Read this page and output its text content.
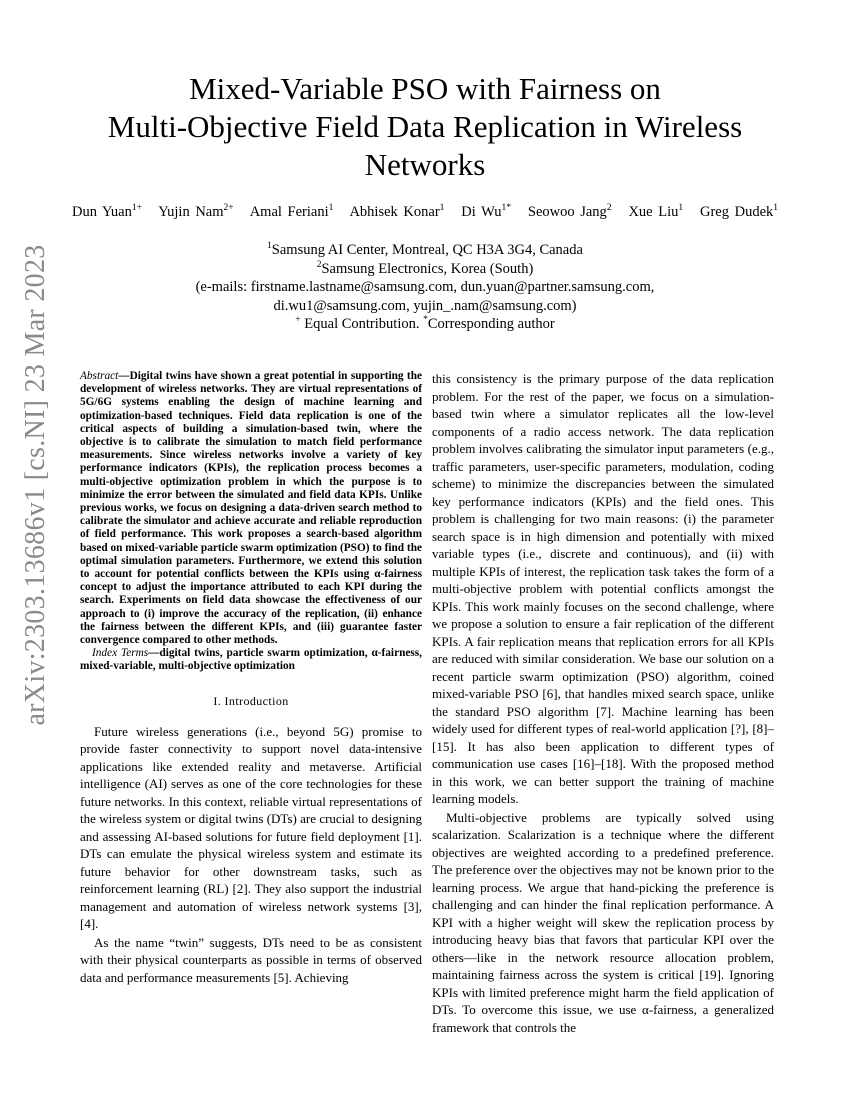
arXiv:2303.13686v1 [cs.NI] 23 Mar 2023
Mixed-Variable PSO with Fairness on
Multi-Objective Field Data Replication in Wireless
Networks
Dun Yuan$^{1+}$ Yujin Nam$^{2+}$ Amal Feriani$^1$ Abhisek Konar$^1$ Di $Wu^{1*}$ Seowoo Jang$^2$ Xue Liu$^1$ Greg Dudek$^1$
$^1$Samsung AI Center, Montreal, QC H3A 3G4, Canada
$^2$Samsung Electronics, Korea (South)
(e-mails: firstname.lastname@samsung.com, dun.yuan@partner.samsung.com,
di.wu1@samsung.com, yujin_.nam@samsung.com)
+ Equal Contribution. *Corresponding author

Abstract—Digital twins have shown a great potential in supporting the development of wireless networks. They are virtual representations of 5G/6G systems enabling the design of machine learning and optimization-based techniques. Field data replication is one of the critical aspects of building a simulation-based twin, where the objective is to calibrate the simulation to match field performance measurements. Since wireless networks involve a variety of key performance indicators (KPIs), the replication process becomes a multi-objective optimization problem in which the purpose is to minimize the error between the simulated and field data KPIs. Unlike previous works, we focus on designing a data-driven search method to calibrate the simulator and achieve accurate and reliable reproduction of field performance. This work proposes a search-based algorithm based on mixed-variable particle swarm optimization (PSO) to find the optimal simulation parameters. Furthermore, we extend this solution to account for potential conflicts between the KPIs using α-fairness concept to adjust the importance attributed to each KPI during the search. Experiments on field data showcase the effectiveness of our approach to (i) improve the accuracy of the replication, (ii) enhance the fairness between the different KPIs, and (iii) guarantee faster convergence compared to other methods.

Index Terms—digital twins, particle swarm optimization, α-fairness, mixed-variable, multi-objective optimization

I. Introduction

Future wireless generations (i.e., beyond 5G) promise to provide faster connectivity to support novel data-intensive applications like extended reality and metaverse. Artificial intelligence (AI) serves as one of the core technologies for these future networks. In this context, reliable virtual representations of the wireless system or digital twins (DTs) are crucial to designing and assessing AI-based solutions for future field deployment [1]. DTs can emulate the physical wireless system and estimate its future behavior for other downstream tasks, such as reinforcement learning (RL) [2]. They also support the industrial management and automation of wireless network systems [3], [4].

As the name “twin” suggests, DTs need to be as consistent with their physical counterparts as possible in terms of observed data and performance measurements [5]. Achieving

this consistency is the primary purpose of the data replication problem. For the rest of the paper, we focus on a simulation-based twin where a simulator replicates all the low-level components of a radio access network. The data replication problem involves calibrating the simulator input parameters (e.g., traffic parameters, user-specific parameters, modulation, coding scheme) to minimize the discrepancies between the simulated key performance indicators (KPIs) and the field ones. This problem is challenging for two main reasons: (i) the parameter search space is in high dimension and potentially with mixed variable types (i.e., discrete and continuous), and (ii) with multiple KPIs of interest, the replication task takes the form of a multi-objective problem with potential conflicts amongst the KPIs. This work mainly focuses on the second challenge, where we propose a solution to ensure a fair replication of the different KPIs. A fair replication means that replication errors for all KPIs are reduced with similar consideration. We base our solution on a recent particle swarm optimization (PSO) algorithm, coined mixed-variable PSO [6], that handles mixed search space, unlike the standard PSO algorithm [7]. Machine learning has been widely used for different types of real-world application [?], [8]–[15]. It has also been application to different types of communication use cases [16]–[18]. With the proposed method in this work, we can better support the training of machine learning models.

Multi-objective problems are typically solved using scalarization. Scalarization is a technique where the different objectives are weighted according to a predefined preference. The preference over the objectives may not be known prior to the learning process. We argue that hand-picking the preference is challenging and can hinder the final replication performance. A KPI with a higher weight will skew the replication process by introducing heavy bias that favors that particular KPI over the others—like in the network resource allocation problem, maintaining fairness across the system is critical [19]. Ignoring KPIs with limited preference might harm the field application of DTs. To overcome this issue, we use α-fairness, a generalized framework that controls the
